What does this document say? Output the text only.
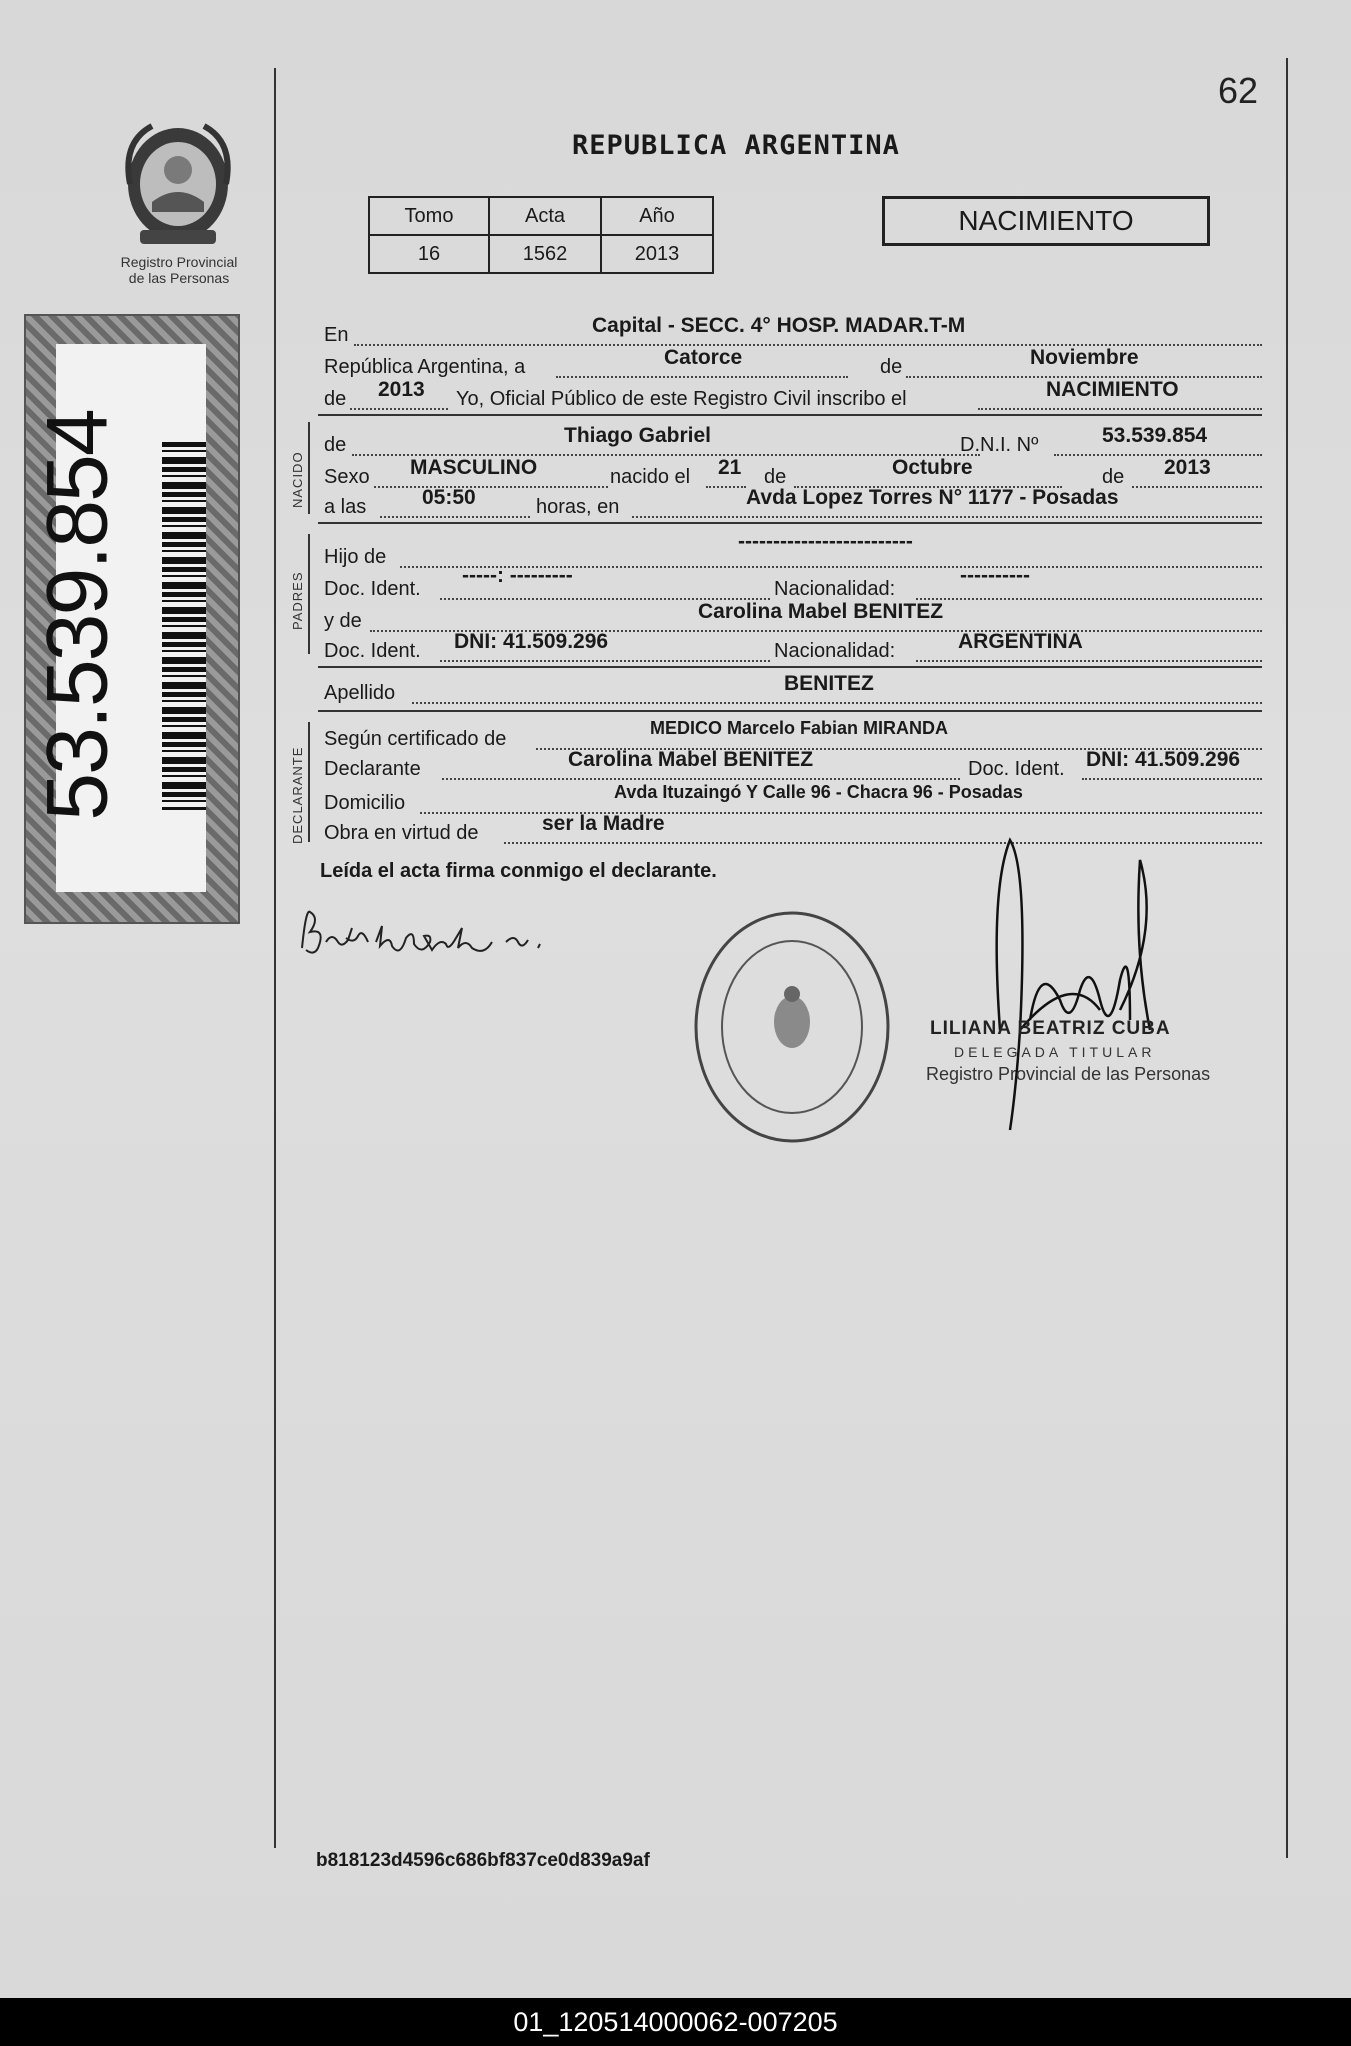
62
REPUBLICA ARGENTINA
Registro Provincial
de las Personas
53.539.854
Tomo	Acta	Año
16	1562	2013
NACIMIENTO
En	Capital - SECC. 4° HOSP. MADAR.T-M
República Argentina, a	Catorce	de	Noviembre
de 2013 Yo, Oficial Público de este Registro Civil inscribo el	NACIMIENTO
NACIDO
de	Thiago Gabriel	D.N.I. Nº	53.539.854
Sexo MASCULINO	nacido el 21 de	Octubre	de 2013
a las	05:50	horas, en	Avda Lopez Torres N° 1177 - Posadas
PADRES
Hijo de
-------------------------
Doc. Ident.
-----: ---------
Nacionalidad:
----------
y de	Carolina Mabel BENITEZ
Doc. Ident. DNI: 41.509.296	Nacionalidad:	ARGENTINA
Apellido	BENITEZ
DECLARANTE
Según certificado de	MEDICO Marcelo Fabian MIRANDA
Declarante	Carolina Mabel BENITEZ	Doc. Ident. DNI: 41.509.296
Domicilio	Avda Ituzaingó Y Calle 96 - Chacra 96 - Posadas
Obra en virtud de	ser la Madre
Leída el acta firma conmigo el declarante.
LILIANA BEATRIZ CUBA
DELEGADA TITULAR
Registro Provincial de las Personas
b818123d4596c686bf837ce0d839a9af
01_120514000062-007205
